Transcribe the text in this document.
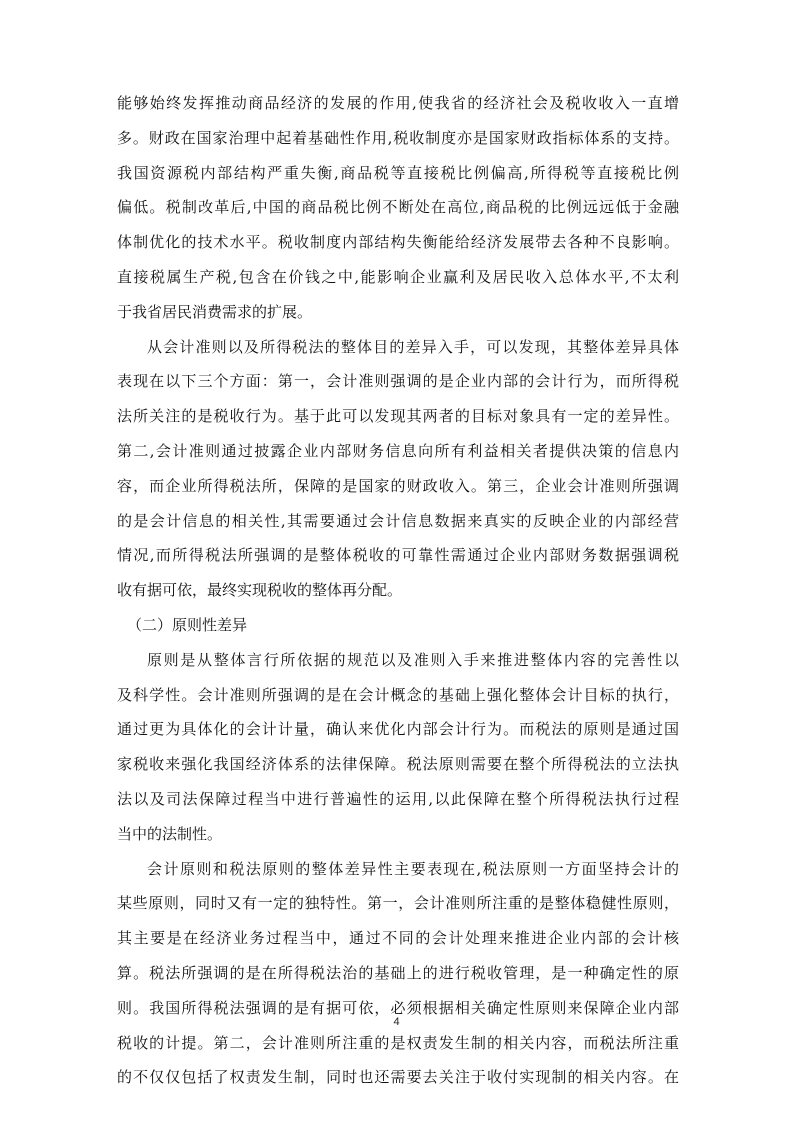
能够始终发挥推动商品经济的发展的作用,使我省的经济社会及税收收入一直增
多。财政在国家治理中起着基础性作用,税收制度亦是国家财政指标体系的支持。
我国资源税内部结构严重失衡,商品税等直接税比例偏高,所得税等直接税比例
偏低。税制改革后,中国的商品税比例不断处在高位,商品税的比例远远低于金融
体制优化的技术水平。税收制度内部结构失衡能给经济发展带去各种不良影响。
直接税属生产税,包含在价钱之中,能影响企业赢利及居民收入总体水平,不太利
于我省居民消费需求的扩展。
从会计准则以及所得税法的整体目的差异入手，可以发现，其整体差异具体
表现在以下三个方面：第一，会计准则强调的是企业内部的会计行为，而所得税
法所关注的是税收行为。基于此可以发现其两者的目标对象具有一定的差异性。
第二,会计准则通过披露企业内部财务信息向所有利益相关者提供决策的信息内
容，而企业所得税法所，保障的是国家的财政收入。第三，企业会计准则所强调
的是会计信息的相关性,其需要通过会计信息数据来真实的反映企业的内部经营
情况,而所得税法所强调的是整体税收的可靠性需通过企业内部财务数据强调税
收有据可依，最终实现税收的整体再分配。
（二）原则性差异
原则是从整体言行所依据的规范以及准则入手来推进整体内容的完善性以
及科学性。会计准则所强调的是在会计概念的基础上强化整体会计目标的执行，
通过更为具体化的会计计量，确认来优化内部会计行为。而税法的原则是通过国
家税收来强化我国经济体系的法律保障。税法原则需要在整个所得税法的立法执
法以及司法保障过程当中进行普遍性的运用,以此保障在整个所得税法执行过程
当中的法制性。
会计原则和税法原则的整体差异性主要表现在,税法原则一方面坚持会计的
某些原则，同时又有一定的独特性。第一，会计准则所注重的是整体稳健性原则，
其主要是在经济业务过程当中，通过不同的会计处理来推进企业内部的会计核
算。税法所强调的是在所得税法治的基础上的进行税收管理，是一种确定性的原
则。我国所得税法强调的是有据可依，必须根据相关确定性原则来保障企业内部
税收的计提。第二，会计准则所注重的是权责发生制的相关内容，而税法所注重
的不仅仅包括了权责发生制，同时也还需要去关注于收付实现制的相关内容。在
4
